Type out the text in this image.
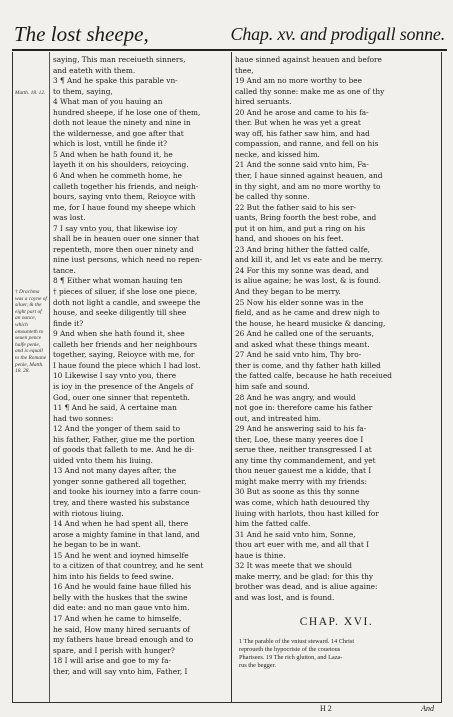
The lost sheepe,	Chap. xv. and prodigall sonne.
Matth. 18. 12.
† Drachma was a coyne of siluer, & the eight part of an ounce, which amounteth to seuen pence halfe penie, and is equall to the Romane penie, Matth. 18. 28.
saying, This man receiueth sinners,
and eateth with them.
3 ¶ And he spake this parable vn-
to them, saying,
4 What man of you hauing an
hundred sheepe, if he lose one of them,
doth not leaue the ninety and nine in
the wildernesse, and goe after that
which is lost, vntill he finde it?
5 And when he hath found it, he
layeth it on his shoulders, reioycing.
6 And when he commeth home, he
calleth together his friends, and neigh-
bours, saying vnto them, Reioyce with
me, for I haue found my sheepe which
was lost.
7 I say vnto you, that likewise ioy
shall be in heauen ouer one sinner that
repenteth, more then ouer ninety and
nine iust persons, which need no repen-
tance.
8 ¶ Either what woman hauing ten
† pieces of siluer, if she lose one piece,
doth not light a candle, and sweepe the
house, and seeke diligently till shee
finde it?
9 And when she hath found it, shee
calleth her friends and her neighbours
together, saying, Reioyce with me, for
I haue found the piece which I had lost.
10 Likewise I say vnto you, there
is ioy in the presence of the Angels of
God, ouer one sinner that repenteth.
11 ¶ And he said, A certaine man
had two sonnes:
12 And the yonger of them said to
his father, Father, giue me the portion
of goods that falleth to me. And he di-
uided vnto them his liuing.
13 And not many dayes after, the
yonger sonne gathered all together,
and tooke his iourney into a farre coun-
trey, and there wasted his substance
with riotous liuing.
14 And when he had spent all, there
arose a mighty famine in that land, and
he began to be in want.
15 And he went and ioyned himselfe
to a citizen of that countrey, and he sent
him into his fields to feed swine.
16 And he would faine haue filled his
belly with the huskes that the swine
did eate: and no man gaue vnto him.
17 And when he came to himselfe,
he said, How many hired seruants of
my fathers haue bread enough and to
spare, and I perish with hunger?
18 I will arise and goe to my fa-
ther, and will say vnto him, Father, I
haue sinned against heauen and before
thee,
19 And am no more worthy to bee
called thy sonne: make me as one of thy
hired seruants.
20 And he arose and came to his fa-
ther. But when he was yet a great
way off, his father saw him, and had
compassion, and ranne, and fell on his
necke, and kissed him.
21 And the sonne said vnto him, Fa-
ther, I haue sinned against heauen, and
in thy sight, and am no more worthy to
be called thy sonne.
22 But the father said to his ser-
uants, Bring foorth the best robe, and
put it on him, and put a ring on his
hand, and shooes on his feet.
23 And bring hither the fatted calfe,
and kill it, and let vs eate and be merry.
24 For this my sonne was dead, and
is aliue againe; he was lost, & is found.
And they began to be merry.
25 Now his elder sonne was in the
field, and as he came and drew nigh to
the house, he heard musicke & dancing,
26 And he called one of the seruants,
and asked what these things meant.
27 And he said vnto him, Thy bro-
ther is come, and thy father hath killed
the fatted calfe, because he hath receiued
him safe and sound.
28 And he was angry, and would
not goe in: therefore came his father
out, and intreated him.
29 And he answering said to his fa-
ther, Loe, these many yeeres doe I
serue thee, neither transgressed I at
any time thy commandement, and yet
thou neuer gauest me a kidde, that I
might make merry with my friends:
30 But as soone as this thy sonne
was come, which hath deuoured thy
liuing with harlots, thou hast killed for
him the fatted calfe.
31 And he said vnto him, Sonne,
thou art euer with me, and all that I
haue is thine.
32 It was meete that we should
make merry, and be glad: for this thy
brother was dead, and is aliue againe:
and was lost, and is found.
CHAP. XVI.
1 The parable of the vniust steward. 14 Christ
reproueth the hypocrisie of the couetous
Pharisees. 19 The rich glutton, and Laza-
rus the begger.
H 2	And
